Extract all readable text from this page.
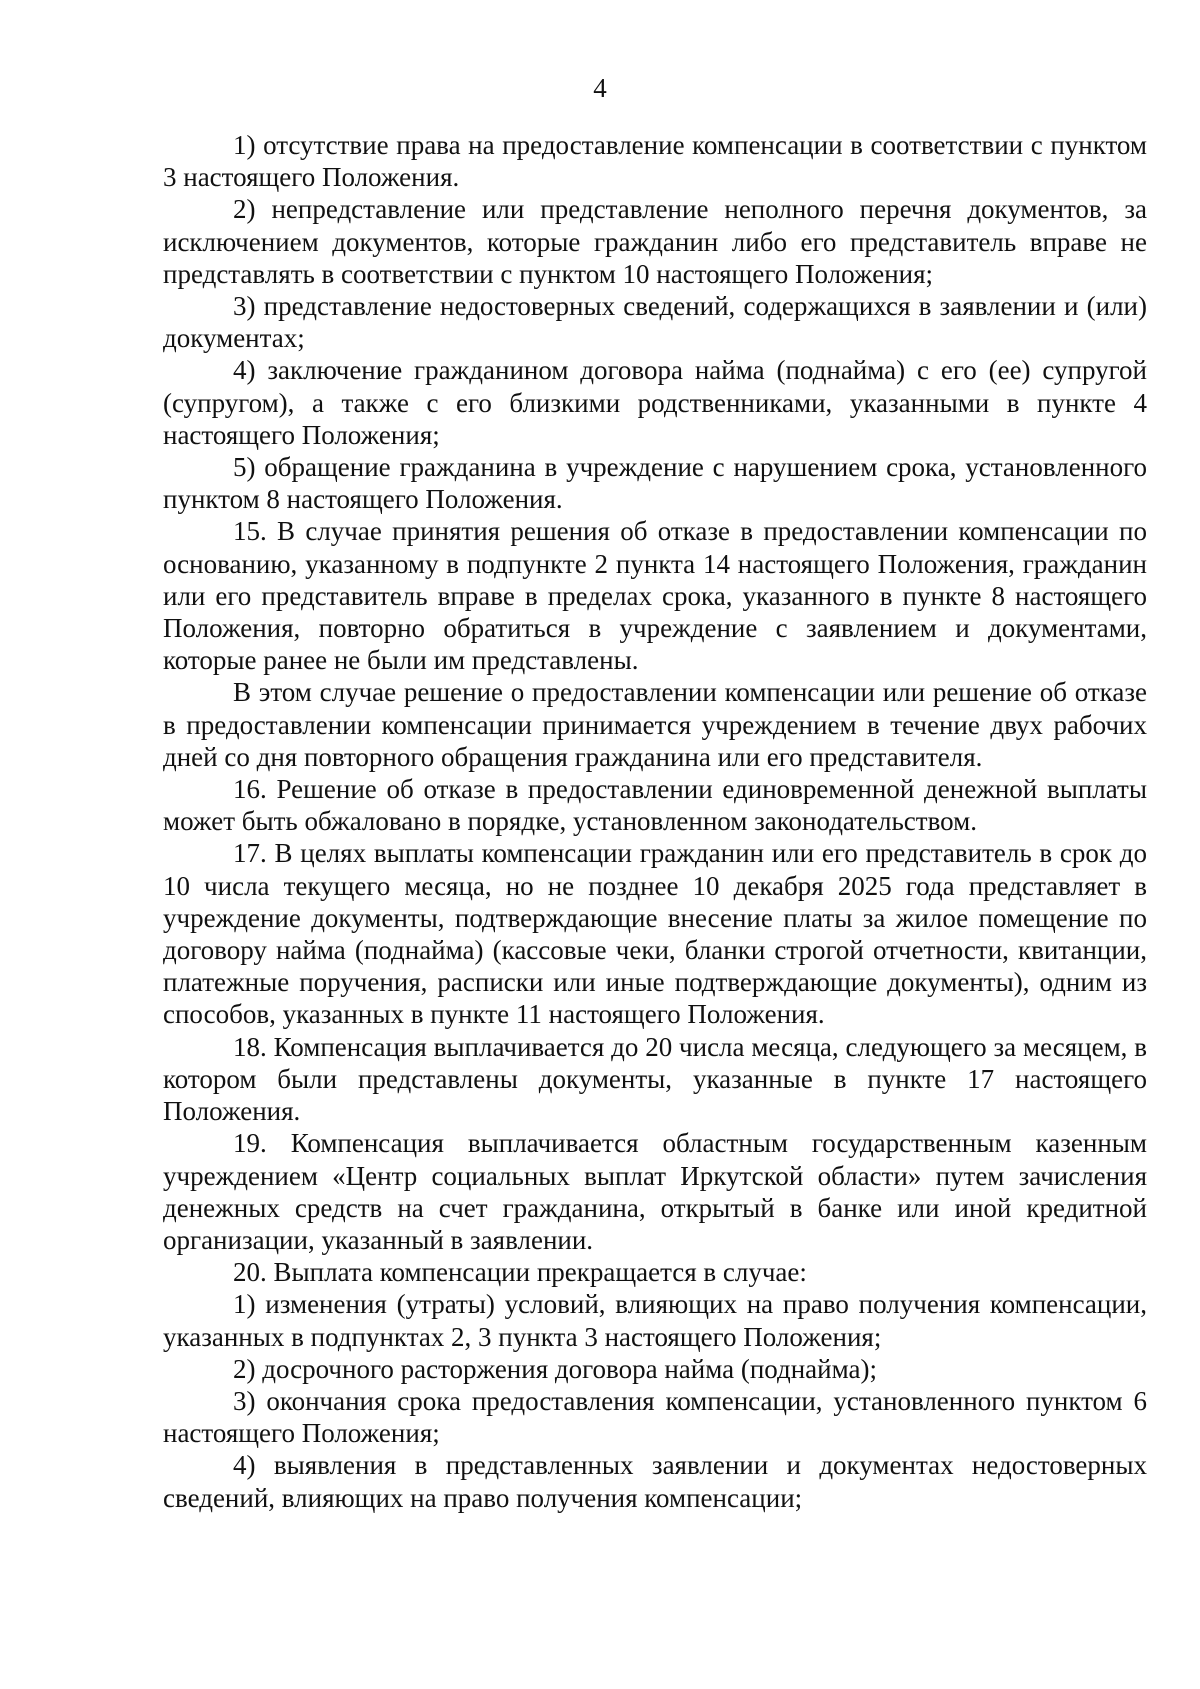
4

1) отсутствие права на предоставление компенсации в соответствии с пунктом 3 настоящего Положения.

2) непредставление или представление неполного перечня документов, за исключением документов, которые гражданин либо его представитель вправе не представлять в соответствии с пунктом 10 настоящего Положения;

3) представление недостоверных сведений, содержащихся в заявлении и (или) документах;

4) заключение гражданином договора найма (поднайма) с его (ее) супругой (супругом), а также с его близкими родственниками, указанными в пункте 4 настоящего Положения;

5) обращение гражданина в учреждение с нарушением срока, установленного пунктом 8 настоящего Положения.

15. В случае принятия решения об отказе в предоставлении компенсации по основанию, указанному в подпункте 2 пункта 14 настоящего Положения, гражданин или его представитель вправе в пределах срока, указанного в пункте 8 настоящего Положения, повторно обратиться в учреждение с заявлением и документами, которые ранее не были им представлены.

В этом случае решение о предоставлении компенсации или решение об отказе в предоставлении компенсации принимается учреждением в течение двух рабочих дней со дня повторного обращения гражданина или его представителя.

16. Решение об отказе в предоставлении единовременной денежной выплаты может быть обжаловано в порядке, установленном законодательством.

17. В целях выплаты компенсации гражданин или его представитель в срок до 10 числа текущего месяца, но не позднее 10 декабря 2025 года представляет в учреждение документы, подтверждающие внесение платы за жилое помещение по договору найма (поднайма) (кассовые чеки, бланки строгой отчетности, квитанции, платежные поручения, расписки или иные подтверждающие документы), одним из способов, указанных в пункте 11 настоящего Положения.

18. Компенсация выплачивается до 20 числа месяца, следующего за месяцем, в котором были представлены документы, указанные в пункте 17 настоящего Положения.

19. Компенсация выплачивается областным государственным казенным учреждением «Центр социальных выплат Иркутской области» путем зачисления денежных средств на счет гражданина, открытый в банке или иной кредитной организации, указанный в заявлении.

20. Выплата компенсации прекращается в случае:

1) изменения (утраты) условий, влияющих на право получения компенсации, указанных в подпунктах 2, 3 пункта 3 настоящего Положения;

2) досрочного расторжения договора найма (поднайма);

3) окончания срока предоставления компенсации, установленного пунктом 6 настоящего Положения;

4) выявления в представленных заявлении и документах недостоверных сведений, влияющих на право получения компенсации;
